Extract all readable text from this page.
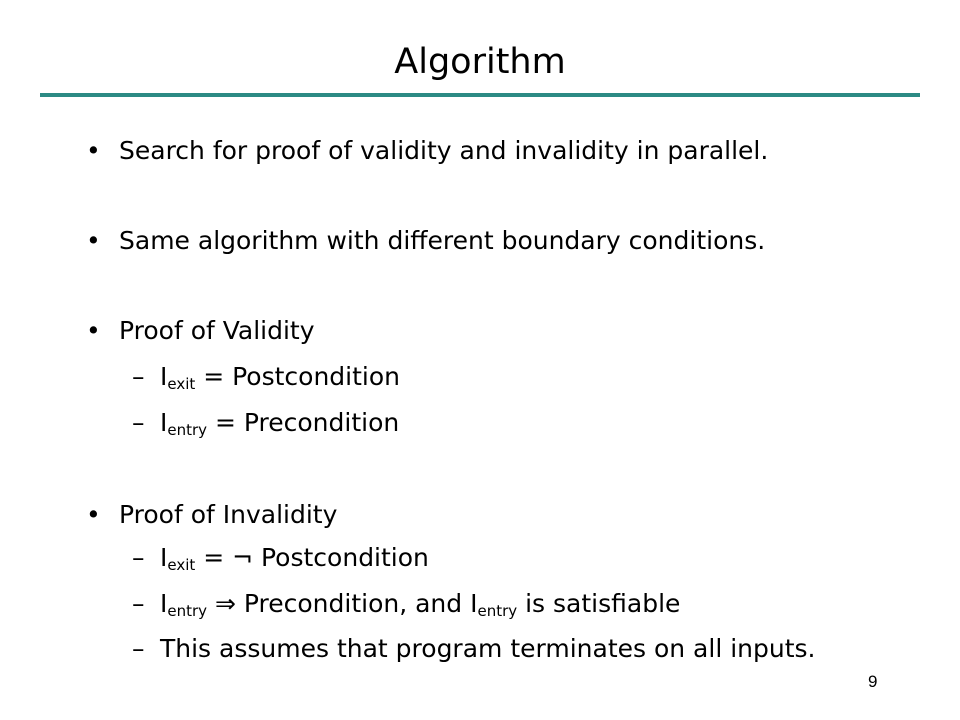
Algorithm
• Search for proof of validity and invalidity in parallel.
• Same algorithm with different boundary conditions.
• Proof of Validity
– $I_{exit}$ = Postcondition
– $I_{entry}$ = Precondition
• Proof of Invalidity
– $I_{exit}$ = ¬ Postcondition
– $I_{entry}$ ⇒ Precondition, and $I_{entry}$ is satisfiable
– This assumes that program terminates on all inputs.
9
